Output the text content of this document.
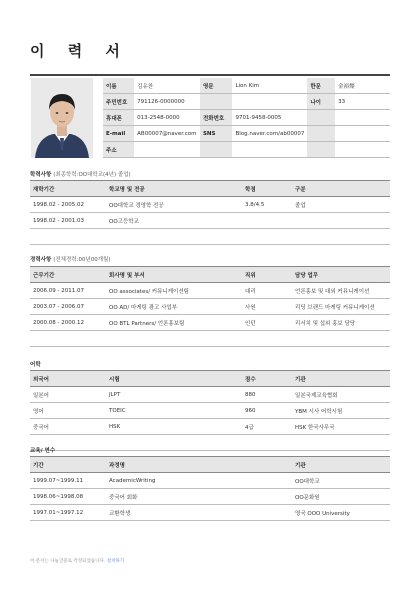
이 력 서
이름	김유찬	영문	Lion Kim	한문	金裕燦
주민번호	791126-0000000			나이	33
휴대폰	013-2548-0000	전화번호	9701-9458-0005		
E-mail	AB00007@naver.com	SNS	Blog.naver.com/ab00007		
주소					
학력사항 (최종학력:OO대학교(4년) 졸업)
재학기간	학교명 및 전공	학점	구분
1998.02 - 2005.02	OO대학교 경영학 전공	3.8/4.5	졸업
1998.02 - 2001.03	OO고등학교		

경력사항 (전체경력:00년00개월)
근무기간	회사명 및 부서	직위	담당 업무
2006.09 - 2011.07	OO associates/ 커뮤니케이션팀	대리	언론홍보 및 대외 커뮤니케이션
2003.07 - 2006.07	OO AD/ 마케팅 광고 사업부	사원	리딩 브랜드 마케팅 커뮤니케이션
2000.08 - 2000.12	OO BTL Partners/ 언론홍보팀	인턴	리서치 및 섭외 홍보 담당

어학
외국어	시험	점수	기관
일본어	JLPT	880	일본국제교육협회
영어	TOEIC	960	YBM 시사 어학시험
중국어	HSK	4급	HSK 한국사무국

교육/ 연수
기간	과정명	기관
1999.07~1999.11	AcademicWriting	OO대학교
1998.06~1998.08	중국어 회화	OO문화원
1997.01~1997.12	교환학생	영국 OOO University
이 문서는 나눔글꼴로 작성되었습니다. 설치하기
